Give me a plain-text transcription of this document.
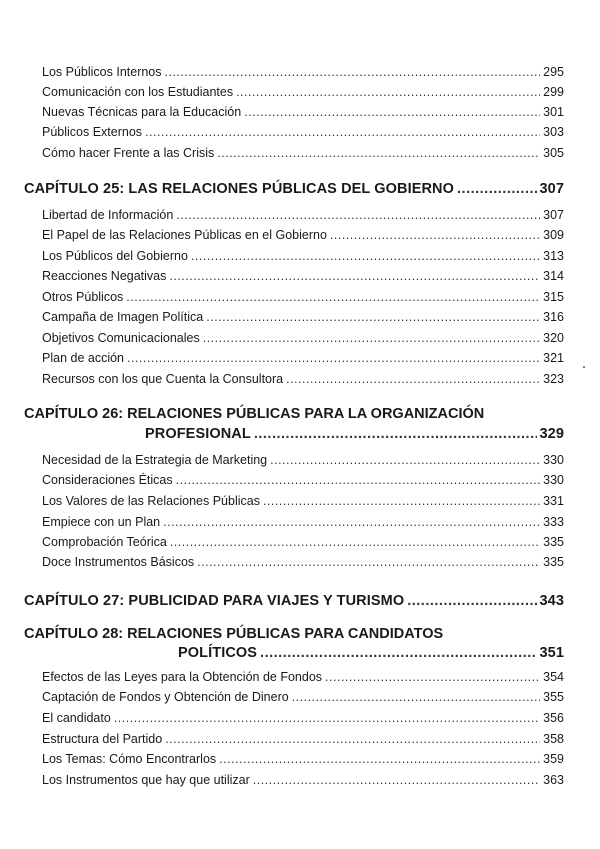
Los Públicos Internos .....	295
Comunicación con los Estudiantes .....	299
Nuevas Técnicas para la Educación .....	301
Públicos Externos .....	303
Cómo hacer Frente a las Crisis .....	305
CAPÍTULO 25: LAS RELACIONES PÚBLICAS DEL GOBIERNO .....	307
Libertad de Información .....	307
El Papel de las Relaciones Públicas en el Gobierno .....	309
Los Públicos del Gobierno .....	313
Reacciones Negativas .....	314
Otros Públicos .....	315
Campaña de Imagen Política .....	316
Objetivos Comunicacionales .....	320
Plan de acción .....	321
Recursos con los que Cuenta la Consultora .....	323
CAPÍTULO 26: RELACIONES PÚBLICAS PARA LA ORGANIZACIÓN
PROFESIONAL .....	329
Necesidad de la Estrategia de Marketing .....	330
Consideraciones Éticas .....	330
Los Valores de las Relaciones Públicas .....	331
Empiece con un Plan .....	333
Comprobación Teórica .....	335
Doce Instrumentos Básicos .....	335
CAPÍTULO 27: PUBLICIDAD PARA VIAJES Y TURISMO .....	343
CAPÍTULO 28: RELACIONES PÚBLICAS PARA CANDIDATOS
POLÍTICOS .....	351
Efectos de las Leyes para la Obtención de Fondos .....	354
Captación de Fondos y Obtención de Dinero .....	355
El candidato .....	356
Estructura del Partido .....	358
Los Temas: Cómo Encontrarlos .....	359
Los Instrumentos que hay que utilizar .....	363
